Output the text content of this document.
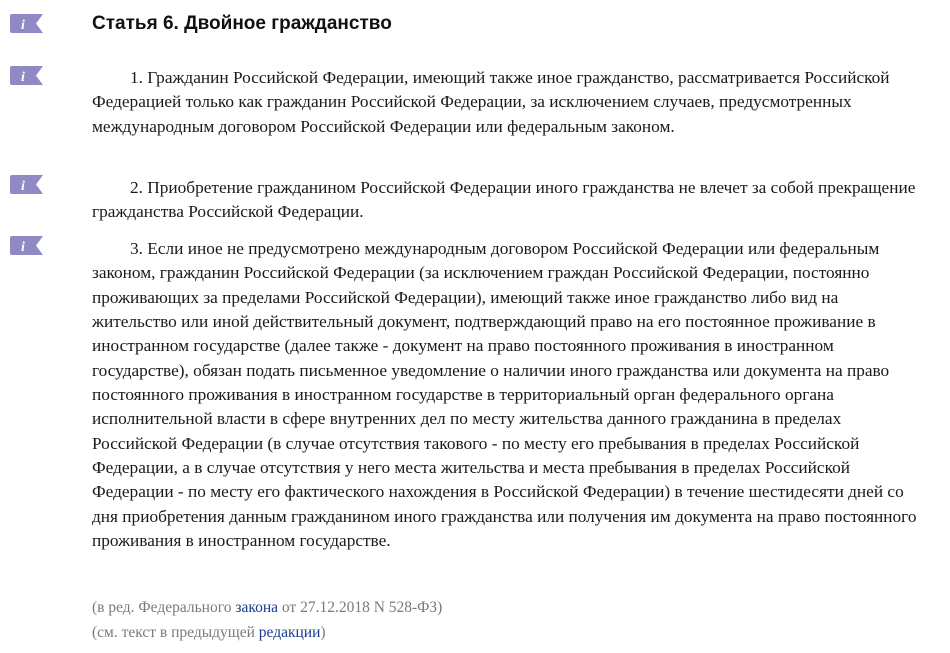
i
i
i
i
Статья 6. Двойное гражданство

1. Гражданин Российской Федерации, имеющий также иное гражданство, рассматривается Российской Федерацией только как гражданин Российской Федерации, за исключением случаев, предусмотренных международным договором Российской Федерации или федеральным законом.

2. Приобретение гражданином Российской Федерации иного гражданства не влечет за собой прекращение гражданства Российской Федерации.

3. Если иное не предусмотрено международным договором Российской Федерации или федеральным законом, гражданин Российской Федерации (за исключением граждан Российской Федерации, постоянно проживающих за пределами Российской Федерации), имеющий также иное гражданство либо вид на жительство или иной действительный документ, подтверждающий право на его постоянное проживание в иностранном государстве (далее также - документ на право постоянного проживания в иностранном государстве), обязан подать письменное уведомление о наличии иного гражданства или документа на право постоянного проживания в иностранном государстве в территориальный орган федерального органа исполнительной власти в сфере внутренних дел по месту жительства данного гражданина в пределах Российской Федерации (в случае отсутствия такового - по месту его пребывания в пределах Российской Федерации, а в случае отсутствия у него места жительства и места пребывания в пределах Российской Федерации - по месту его фактического нахождения в Российской Федерации) в течение шестидесяти дней со дня приобретения данным гражданином иного гражданства или получения им документа на право постоянного проживания в иностранном государстве.

(в ред. Федерального закона от 27.12.2018 N 528-ФЗ)

(см. текст в предыдущей редакции)
